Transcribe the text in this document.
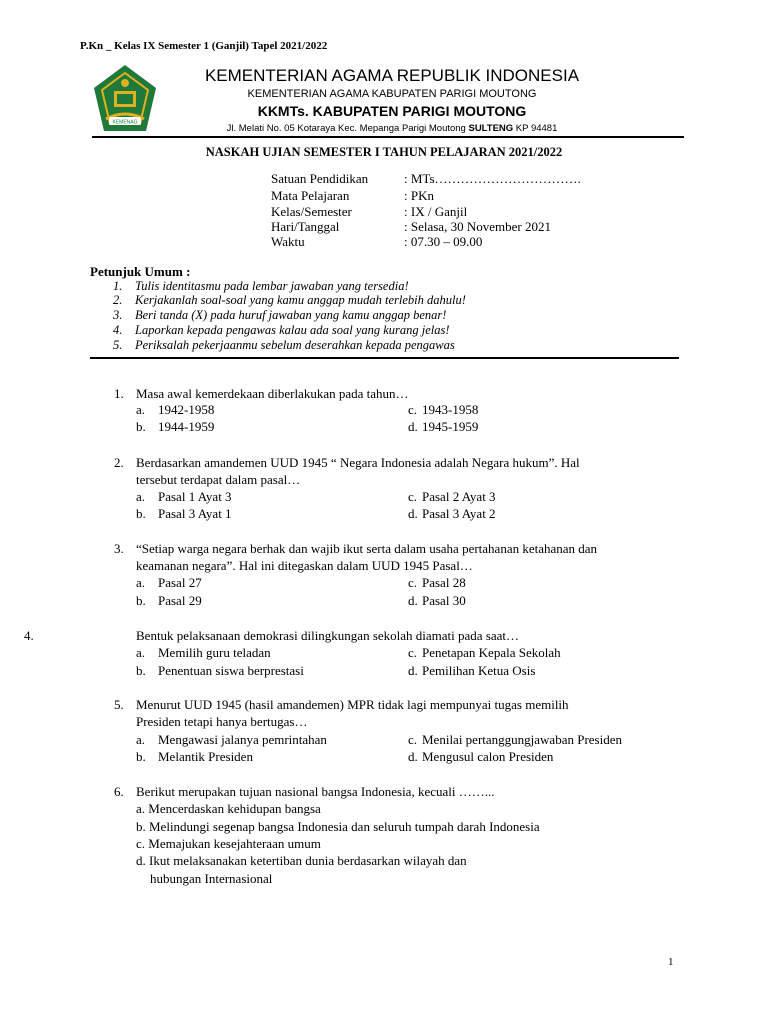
P.Kn _ Kelas IX Semester 1 (Ganjil) Tapel 2021/2022
KEMENAG
KEMENTERIAN AGAMA REPUBLIK INDONESIA
KEMENTERIAN AGAMA KABUPATEN PARIGI MOUTONG
KKMTs. KABUPATEN PARIGI MOUTONG
Jl. Melati No. 05 Kotaraya Kec. Mepanga Parigi Moutong SULTENG KP 94481
NASKAH UJIAN SEMESTER I TAHUN PELAJARAN 2021/2022
Satuan Pendidikan	: MTs…………………………….
Mata Pelajaran	: PKn
Kelas/Semester	: IX / Ganjil
Hari/Tanggal	: Selasa, 30 November 2021
Waktu	: 07.30 – 09.00
Petunjuk Umum :
1. Tulis identitasmu pada lembar jawaban yang tersedia!
2. Kerjakanlah soal-soal yang kamu anggap mudah terlebih dahulu!
3. Beri tanda (X) pada huruf jawaban yang kamu anggap benar!
4. Laporkan kepada pengawas kalau ada soal yang kurang jelas!
5. Periksalah pekerjaanmu sebelum deserahkan kepada pengawas
1. Masa awal kemerdekaan diberlakukan pada tahun…
a. 1942-1958	c. 1943-1958
b. 1944-1959	d. 1945-1959
2. Berdasarkan amandemen UUD 1945 “ Negara Indonesia adalah Negara hukum”. Hal
tersebut terdapat dalam pasal…
a. Pasal 1 Ayat 3	c. Pasal 2 Ayat 3
b. Pasal 3 Ayat 1	d. Pasal 3 Ayat 2
3. “Setiap warga negara berhak dan wajib ikut serta dalam usaha pertahanan ketahanan dan
keamanan negara”. Hal ini ditegaskan dalam UUD 1945 Pasal…
a. Pasal 27	c. Pasal 28
b. Pasal 29	d. Pasal 30
4.	Bentuk pelaksanaan demokrasi dilingkungan sekolah diamati pada saat…
a. Memilih guru teladan	c. Penetapan Kepala Sekolah
b. Penentuan siswa berprestasi	d. Pemilihan Ketua Osis
5. Menurut UUD 1945 (hasil amandemen) MPR tidak lagi mempunyai tugas memilih
Presiden tetapi hanya bertugas…
a. Mengawasi jalanya pemrintahan	c. Menilai pertanggungjawaban Presiden
b. Melantik Presiden	d. Mengusul calon Presiden
6. Berikut merupakan tujuan nasional bangsa Indonesia, kecuali ……...
a. Mencerdaskan kehidupan bangsa
b. Melindungi segenap bangsa Indonesia dan seluruh tumpah darah Indonesia
c. Memajukan kesejahteraan umum
d. Ikut melaksanakan ketertiban dunia berdasarkan wilayah dan
hubungan Internasional
1
